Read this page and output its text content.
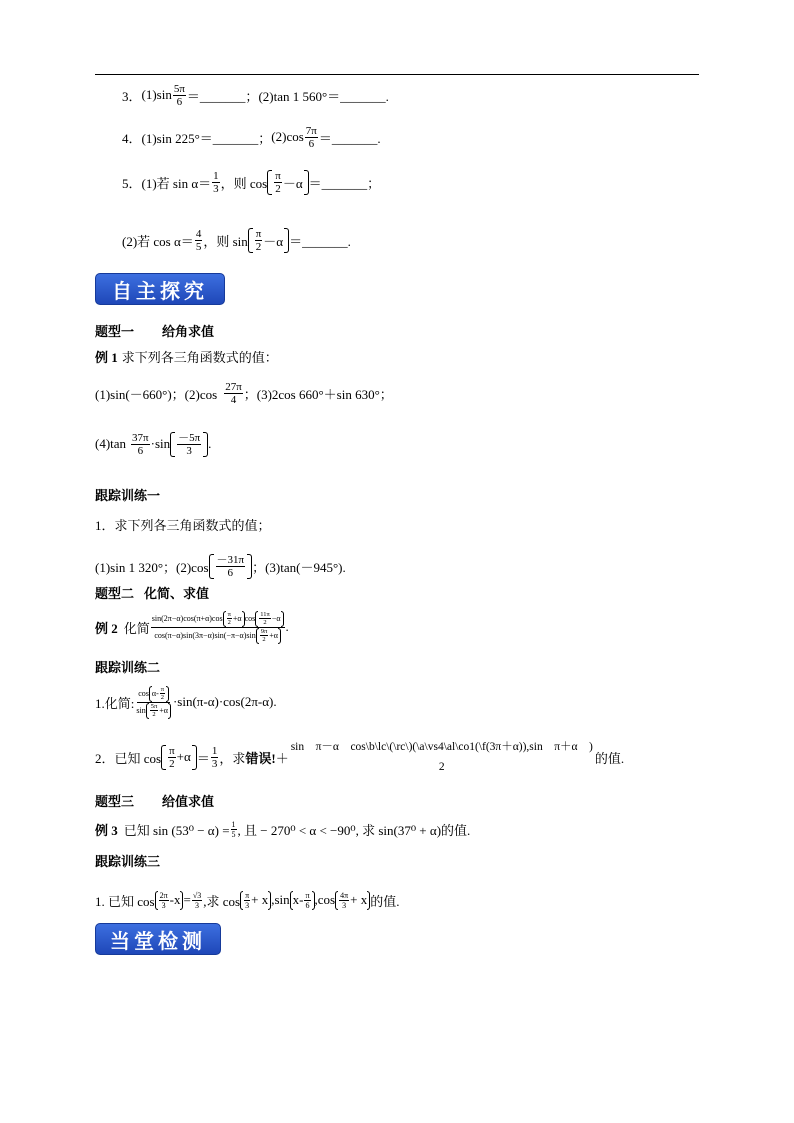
3． $(1)\sin \frac{5\pi}{6}$ ＝_______； (2)tan 1 560°＝_______.
4． (1)sin 225°＝_______； $(2)\cos \frac{7\pi}{6}$ ＝_______.
5． (1)若 $\sin \alpha= \frac{1}{3}$ ，则 $\cos \frac{\pi}{2} -\alpha$ ＝_______；
(2)若 $\cos \alpha= \frac{4}{5}$ ，则 $\sin \frac{\pi}{2} -\alpha$ ＝_______.
自主探究
题型一 给角求值
例 1 求下列各三角函数式的值：
(1)sin(－660°)；$(2)\cos \frac{27\pi}{4}$ ；(3)2cos 660°＋sin 630°；
$(4)\tan \frac{37\pi}{6} \cdot\sin \frac{-5\pi}{3}$ .
跟踪训练一
1．求下列各三角函数式的值；
(1)sin 1 320°；$(2)\cos \frac{-31\pi}{6}$ ；(3)tan(－945°).
题型二 化简、求值
例 2 化简 $\frac{\sin(2\pi-\alpha)\cos(\pi+\alpha)\cos \frac{\pi}{2} +\alpha \cos \frac{11\pi}{2} -\alpha}{\cos(\pi-\alpha)\sin(3\pi-\alpha)\sin(-\pi-\alpha)\sin \frac{9\pi}{2} +\alpha}$ .
跟踪训练二
1.化简: $\frac{\cos \alpha- \frac{\pi}{2}}{\sin \frac{5\pi}{2} +\alpha} \cdot\sin(\pi-\alpha)\cdot\cos(2\pi-\alpha)$.
2．已知 $\cos \frac{\pi}{2} +\alpha = \frac{1}{3}$ ，求 错误! ＋
sin　π－α　cos\b\lc\(\rc\)(\a\vs4\al\co1(\f(3π＋α)),sin　π＋α　)
2
的值.
题型三 给值求值
例 3 已知 $\sin (53^0 - \alpha) = \frac{1}{5}$ , 且 − 270⁰ < α < −90⁰, 求 sin(37⁰ + α)的值.
跟踪训练三
1. 已知 $\cos \frac{2\pi}{3} -x = \frac{√3}{3}$ ,求 $\cos \frac{\pi}{3} + x$ ,sin $x- \frac{\pi}{6} ,\cos \frac{4\pi}{3} + x$ 的值.
当堂检测
